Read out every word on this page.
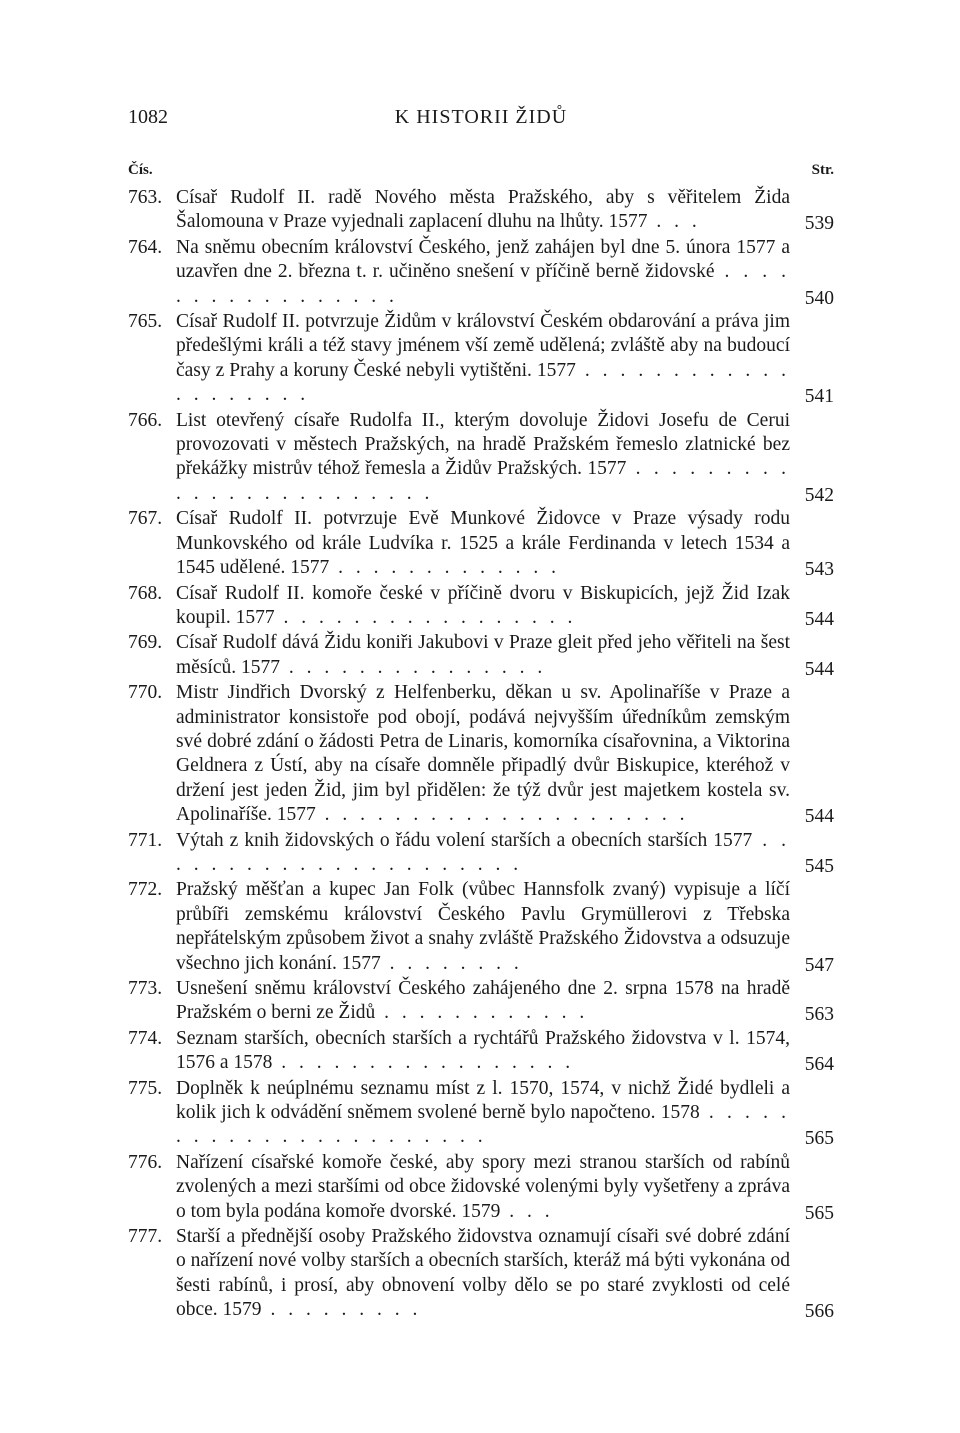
1082	K HISTORII ŽIDŮ
Čís.	Str.
763. Císař Rudolf II. radě Nového města Pražského, aby s věřitelem Žida Šalomouna v Praze vyjednali zaplacení dluhu na lhůty. 1577 . . .	539
764. Na sněmu obecním království Českého, jenž zahájen byl dne 5. února 1577 a uzavřen dne 2. března t. r. učiněno snešení v příčině berně židovské . . . . . . . . . . . . . . . . .	540
765. Císař Rudolf II. potvrzuje Židům v království Českém obdarování a práva jim předešlými králi a též stavy jménem vší země udělená; zvláště aby na budoucí časy z Prahy a koruny České nebyli vytištěni. 1577 . . . . . . . . . . . . . . . . . . . .	541
766. List otevřený císaře Rudolfa II., kterým dovoluje Židovi Josefu de Cerui provozovati v městech Pražských, na hradě Pražském řemeslo zlatnické bez překážky mistrův téhož řemesla a Židův Pražských. 1577 . . . . . . . . . . . . . . . . . . . . . . . .	542
767. Císař Rudolf II. potvrzuje Evě Munkové Židovce v Praze výsady rodu Munkovského od krále Ludvíka r. 1525 a krále Ferdinanda v letech 1534 a 1545 udělené. 1577 . . . . . . . . . . . . .	543
768. Císař Rudolf II. komoře české v příčině dvoru v Biskupicích, jejž Žid Izak koupil. 1577 . . . . . . . . . . . . . . . . .	544
769. Císař Rudolf dává Židu koniři Jakubovi v Praze gleit před jeho věřiteli na šest měsíců. 1577 . . . . . . . . . . . . . . .	544
770. Mistr Jindřich Dvorský z Helfenberku, děkan u sv. Apolinaříše v Praze a administrator konsistoře pod obojí, podává nejvyšším úředníkům zemským své dobré zdání o žádosti Petra de Linaris, komorníka císařovnina, a Viktorina Geldnera z Ústí, aby na císaře domněle připadlý dvůr Biskupice, kteréhož v držení jest jeden Žid, jim byl přidělen: že týž dvůr jest majetkem kostela sv. Apolinaříše. 1577 . . . . . . . . . . . . . . . . . . . . .	544
771. Výtah z knih židovských o řádu volení starších a obecních starších 1577 . . . . . . . . . . . . . . . . . . . . . .	545
772. Pražský měšťan a kupec Jan Folk (vůbec Hannsfolk zvaný) vypisuje a líčí průbíři zemskému království Českého Pavlu Grymüllerovi z Třebska nepřátelským způsobem život a snahy zvláště Pražského Židovstva a odsuzuje všechno jich konání. 1577 . . . . . . . .	547
773. Usnešení sněmu království Českého zahájeného dne 2. srpna 1578 na hradě Pražském o berni ze Židů . . . . . . . . . . . .	563
774. Seznam starších, obecních starších a rychtářů Pražského židovstva v l. 1574, 1576 a 1578 . . . . . . . . . . . . . . . . .	564
775. Doplněk k neúplnému seznamu míst z l. 1570, 1574, v nichž Židé bydleli a kolik jich k odvádění sněmem svolené berně bylo napočteno. 1578 . . . . . . . . . . . . . . . . . . . . . . .	565
776. Nařízení císařské komoře české, aby spory mezi stranou starších od rabínů zvolených a mezi staršími od obce židovské volenými byly vyšetřeny a zpráva o tom byla podána komoře dvorské. 1579 . . .	565
777. Starší a přednější osoby Pražského židovstva oznamují císaři své dobré zdání o nařízení nové volby starších a obecních starších, kteráž má býti vykonána od šesti rabínů, i prosí, aby obnovení volby dělo se po staré zvyklosti od celé obce. 1579 . . . . . . . . .	566
